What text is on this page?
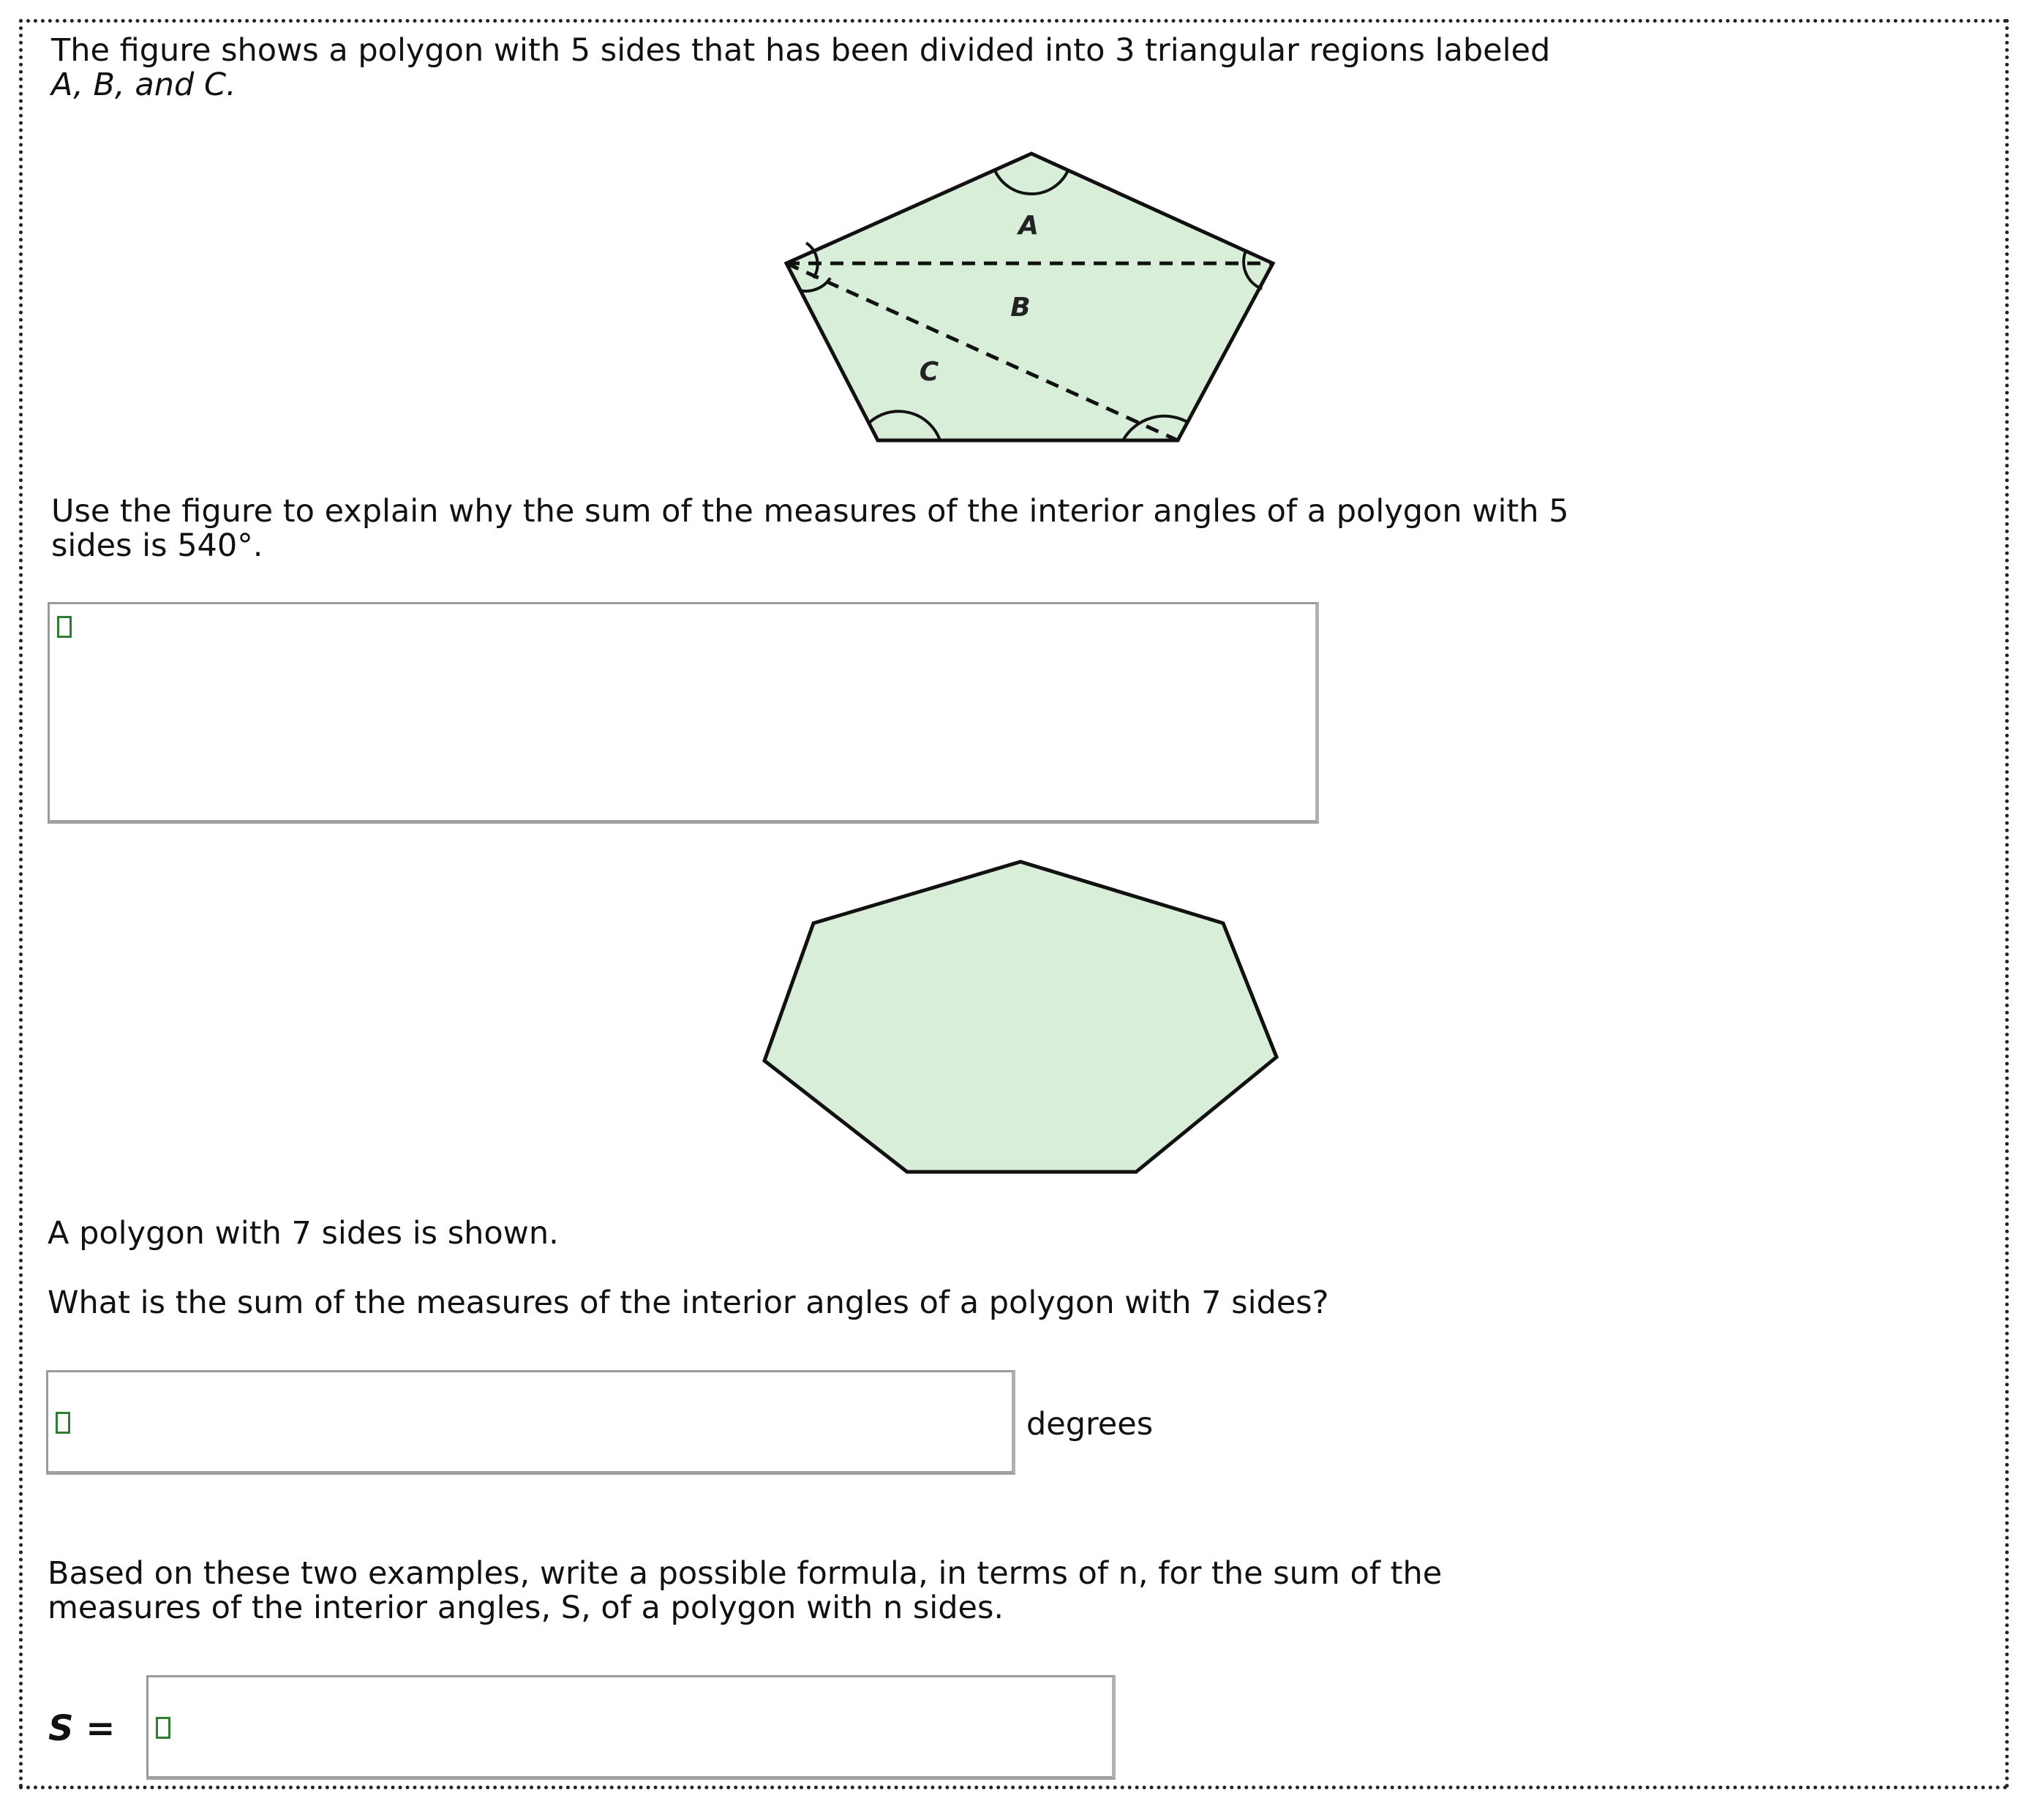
The figure shows a polygon with 5 sides that has been divided into 3 triangular regions labeled
A, B, and C.
A
B
C
Use the figure to explain why the sum of the measures of the interior angles of a polygon with 5
sides is 540°.
A polygon with 7 sides is shown.
What is the sum of the measures of the interior angles of a polygon with 7 sides?
degrees
Based on these two examples, write a possible formula, in terms of n, for the sum of the
measures of the interior angles, S, of a polygon with n sides.
S =
